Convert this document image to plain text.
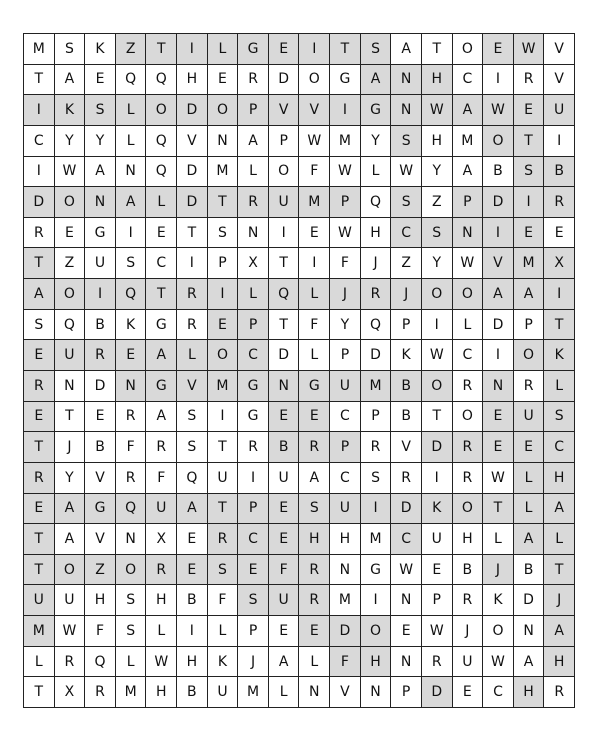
M	S	K	Z	T	I	L	G	E	I	T	S	A	T	O	E	W	V
T	A	E	Q	Q	H	E	R	D	O	G	A	N	H	C	I	R	V
I	K	S	L	O	D	O	P	V	V	I	G	N	W	A	W	E	U
C	Y	Y	L	Q	V	N	A	P	W	M	Y	S	H	M	O	T	I
I	W	A	N	Q	D	M	L	O	F	W	L	W	Y	A	B	S	B
D	O	N	A	L	D	T	R	U	M	P	Q	S	Z	P	D	I	R
R	E	G	I	E	T	S	N	I	E	W	H	C	S	N	I	E	E
T	Z	U	S	C	I	P	X	T	I	F	J	Z	Y	W	V	M	X
A	O	I	Q	T	R	I	L	Q	L	J	R	J	O	O	A	A	I
S	Q	B	K	G	R	E	P	T	F	Y	Q	P	I	L	D	P	T
E	U	R	E	A	L	O	C	D	L	P	D	K	W	C	I	O	K
R	N	D	N	G	V	M	G	N	G	U	M	B	O	R	N	R	L
E	T	E	R	A	S	I	G	E	E	C	P	B	T	O	E	U	S
T	J	B	F	R	S	T	R	B	R	P	R	V	D	R	E	E	C
R	Y	V	R	F	Q	U	I	U	A	C	S	R	I	R	W	L	H
E	A	G	Q	U	A	T	P	E	S	U	I	D	K	O	T	L	A
T	A	V	N	X	E	R	C	E	H	H	M	C	U	H	L	A	L
T	O	Z	O	R	E	S	E	F	R	N	G	W	E	B	J	B	T
U	U	H	S	H	B	F	S	U	R	M	I	N	P	R	K	D	J
M	W	F	S	L	I	L	P	E	E	D	O	E	W	J	O	N	A
L	R	Q	L	W	H	K	J	A	L	F	H	N	R	U	W	A	H
T	X	R	M	H	B	U	M	L	N	V	N	P	D	E	C	H	R
